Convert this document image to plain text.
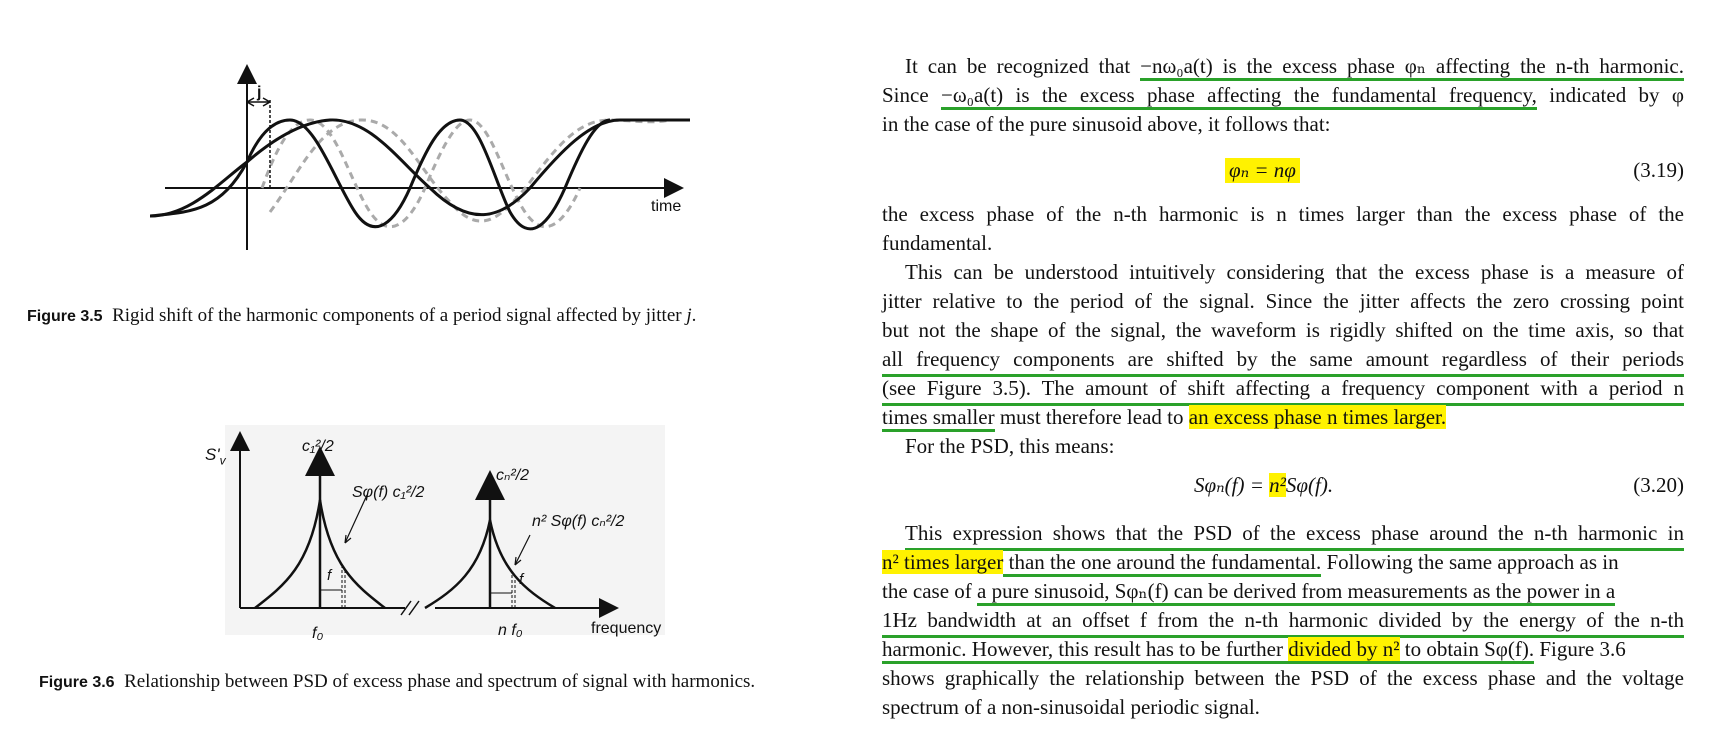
j
time
Figure 3.5 Rigid shift of the harmonic components of a period signal affected by jitter j.
$S'_v$
c₁²/2
cₙ²/2
Sφ(f) c₁²/2
n² Sφ(f) cₙ²/2
f	f
f₀	n f₀	frequency
Figure 3.6 Relationship between PSD of excess phase and spectrum of signal with harmonics.
It can be recognized that −nω₀a(t) is the excess phase φₙ affecting the n-th harmonic.
Since −ω₀a(t) is the excess phase affecting the fundamental frequency, indicated by φ
in the case of the pure sinusoid above, it follows that:
φₙ = nφ	(3.19)
the excess phase of the n-th harmonic is n times larger than the excess phase of the
fundamental.
This can be understood intuitively considering that the excess phase is a measure of
jitter relative to the period of the signal. Since the jitter affects the zero crossing point
but not the shape of the signal, the waveform is rigidly shifted on the time axis, so that
all frequency components are shifted by the same amount regardless of their periods
(see Figure 3.5). The amount of shift affecting a frequency component with a period n
times smaller must therefore lead to an excess phase n times larger.
For the PSD, this means:
Sφₙ(f) = n²Sφ(f).	(3.20)
This expression shows that the PSD of the excess phase around the n-th harmonic in
n² times larger than the one around the fundamental. Following the same approach as in
the case of a pure sinusoid, Sφₙ(f) can be derived from measurements as the power in a
1Hz bandwidth at an offset f from the n-th harmonic divided by the energy of the n-th
harmonic. However, this result has to be further divided by n² to obtain Sφ(f). Figure 3.6
shows graphically the relationship between the PSD of the excess phase and the voltage
spectrum of a non-sinusoidal periodic signal.
